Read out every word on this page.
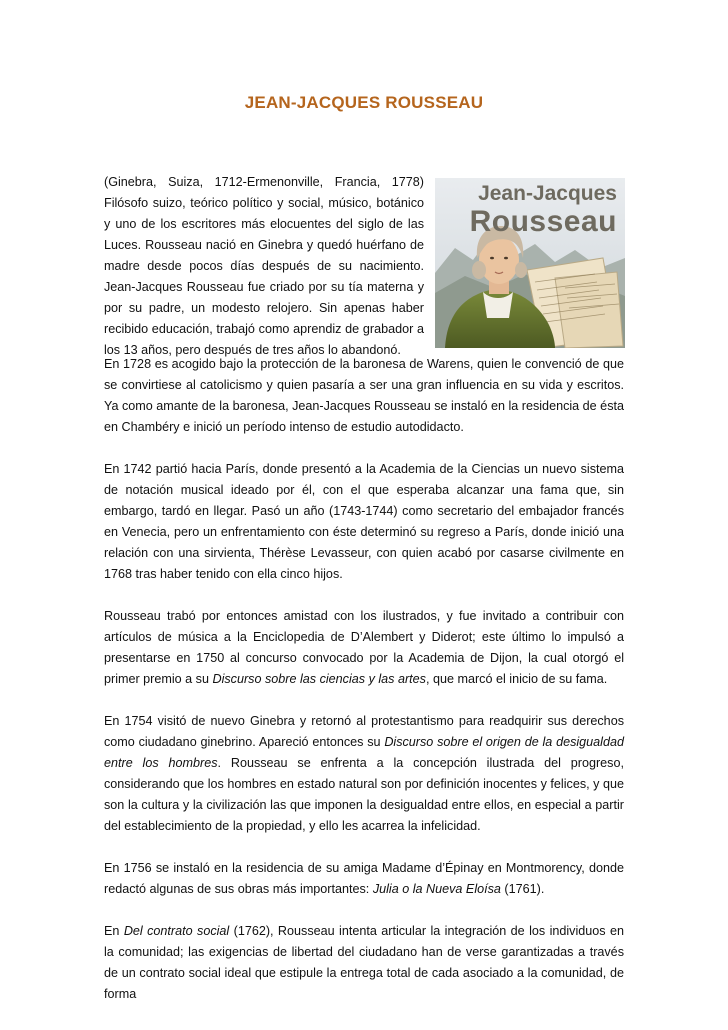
JEAN-JACQUES ROUSSEAU

(Ginebra, Suiza, 1712-Ermenonville, Francia, 1778) Filósofo suizo, teórico político y social, músico, botánico y uno de los escritores más elocuentes del siglo de las Luces. Rousseau nació en Ginebra y quedó huérfano de madre desde pocos días después de su nacimiento. Jean-Jacques Rousseau fue criado por su tía materna y por su padre, un modesto relojero. Sin apenas haber recibido educación, trabajó como aprendiz de grabador a los 13 años, pero después de tres años lo abandonó.

Jean-Jacques
Rousseau

En 1728 es acogido bajo la protección de la baronesa de Warens, quien le convenció de que se convirtiese al catolicismo y quien pasaría a ser una gran influencia en su vida y escritos. Ya como amante de la baronesa, Jean-Jacques Rousseau se instaló en la residencia de ésta en Chambéry e inició un período intenso de estudio autodidacto.

En 1742 partió hacia París, donde presentó a la Academia de la Ciencias un nuevo sistema de notación musical ideado por él, con el que esperaba alcanzar una fama que, sin embargo, tardó en llegar. Pasó un año (1743-1744) como secretario del embajador francés en Venecia, pero un enfrentamiento con éste determinó su regreso a París, donde inició una relación con una sirvienta, Thérèse Levasseur, con quien acabó por casarse civilmente en 1768 tras haber tenido con ella cinco hijos.

Rousseau trabó por entonces amistad con los ilustrados, y fue invitado a contribuir con artículos de música a la Enciclopedia de D’Alembert y Diderot; este último lo impulsó a presentarse en 1750 al concurso convocado por la Academia de Dijon, la cual otorgó el primer premio a su Discurso sobre las ciencias y las artes, que marcó el inicio de su fama.

En 1754 visitó de nuevo Ginebra y retornó al protestantismo para readquirir sus derechos como ciudadano ginebrino. Apareció entonces su Discurso sobre el origen de la desigualdad entre los hombres. Rousseau se enfrenta a la concepción ilustrada del progreso, considerando que los hombres en estado natural son por definición inocentes y felices, y que son la cultura y la civilización las que imponen la desigualdad entre ellos, en especial a partir del establecimiento de la propiedad, y ello les acarrea la infelicidad.

En 1756 se instaló en la residencia de su amiga Madame d’Épinay en Montmorency, donde redactó algunas de sus obras más importantes: Julia o la Nueva Eloísa (1761).

En Del contrato social (1762), Rousseau intenta articular la integración de los individuos en la comunidad; las exigencias de libertad del ciudadano han de verse garantizadas a través de un contrato social ideal que estipule la entrega total de cada asociado a la comunidad, de forma
